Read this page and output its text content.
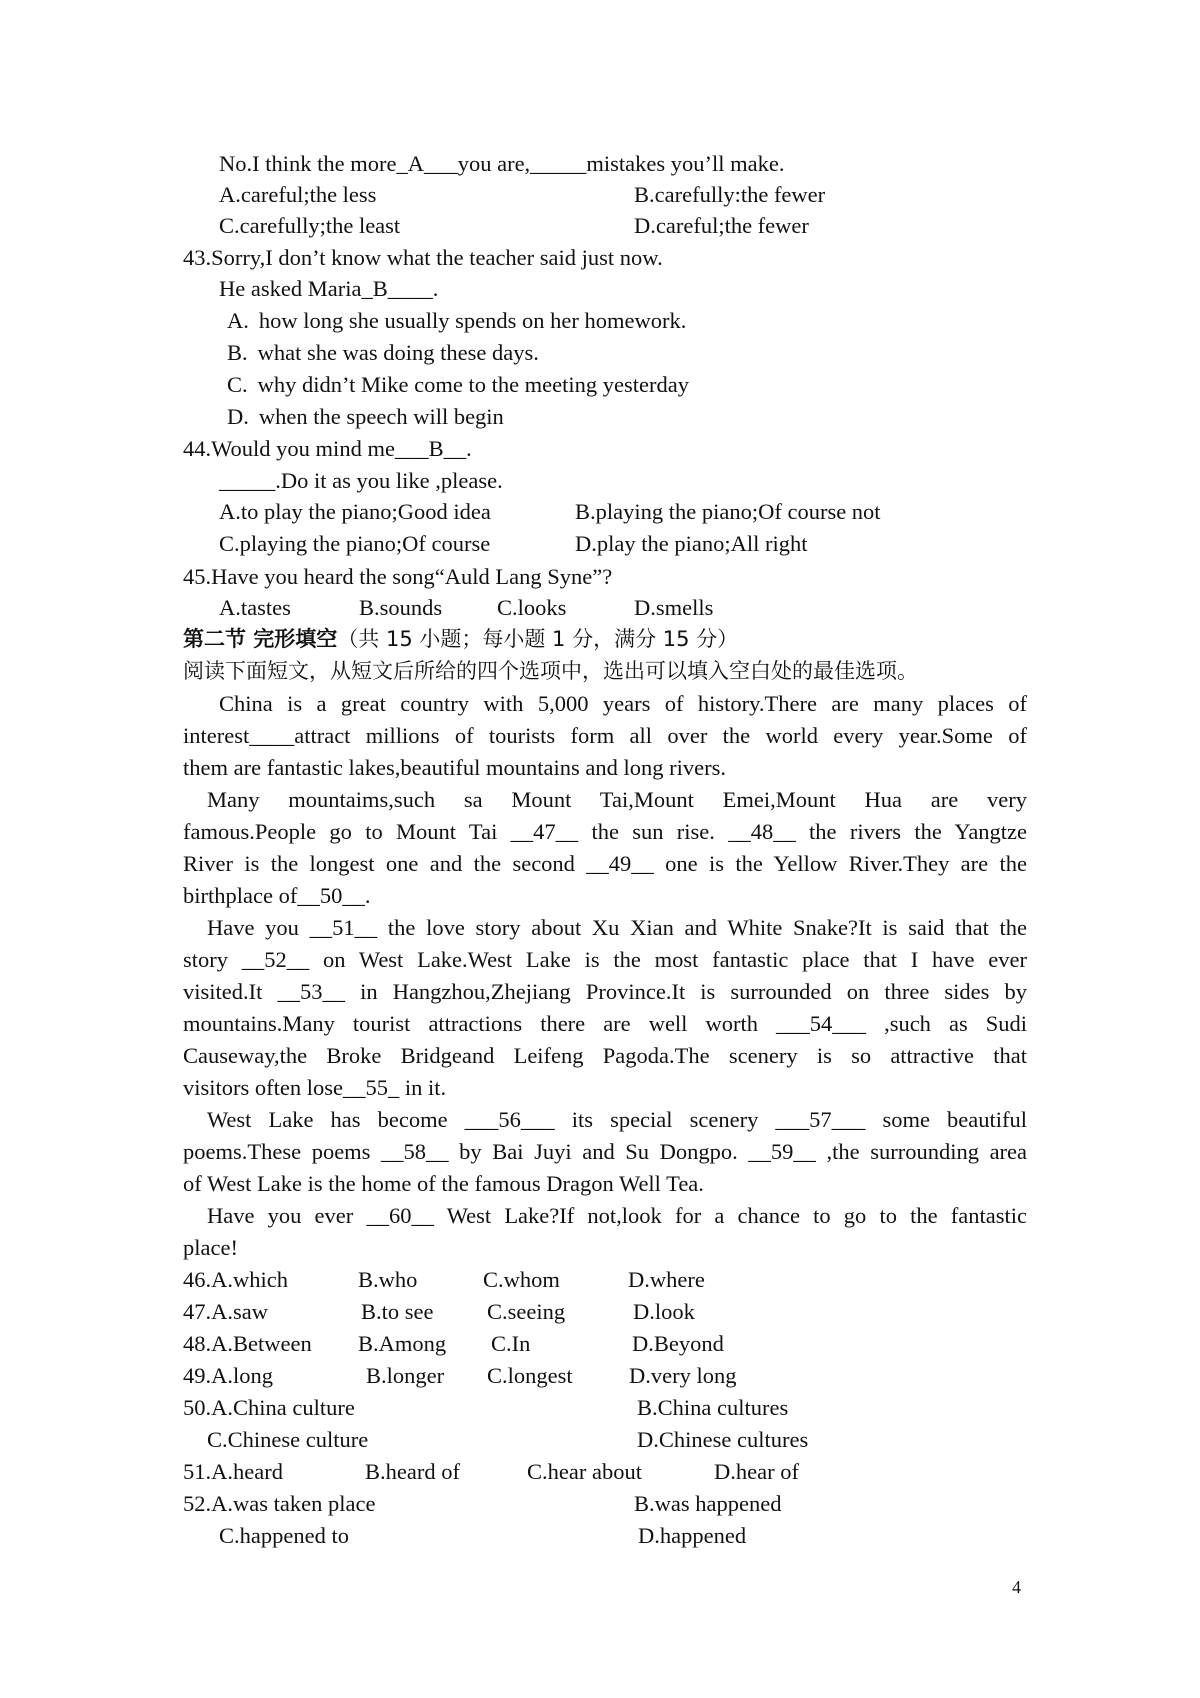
No.I think the more_A___you are,_____mistakes you’ll make.
A.careful;the less	B.carefully:the fewer
C.carefully;the least	D.careful;the fewer
43.Sorry,I don’t know what the teacher said just now.
He asked Maria_B____.
A. how long she usually spends on her homework.
B. what she was doing these days.
C. why didn’t Mike come to the meeting yesterday
D. when the speech will begin
44.Would you mind me___B__.
_____.Do it as you like ,please.
A.to play the piano;Good idea	B.playing the piano;Of course not
C.playing the piano;Of course	D.play the piano;All right
45.Have you heard the song“Auld Lang Syne”?
A.tastes	B.sounds C.looks	D.smells
第二节 完形填空（共 15 小题；每小题 1 分，满分 15 分）
阅读下面短文，从短文后所给的四个选项中，选出可以填入空白处的最佳选项。
China is a great country with 5,000 years of history.There are many places of
interest____attract millions of tourists form all over the world every year.Some of
them are fantastic lakes,beautiful mountains and long rivers.
Many mountaims,such sa Mount Tai,Mount Emei,Mount Hua are very
famous.People go to Mount Tai __47__ the sun rise. __48__ the rivers the Yangtze
River is the longest one and the second __49__ one is the Yellow River.They are the
birthplace of__50__.
Have you __51__ the love story about Xu Xian and White Snake?It is said that the
story __52__ on West Lake.West Lake is the most fantastic place that I have ever
visited.It __53__ in Hangzhou,Zhejiang Province.It is surrounded on three sides by
mountains.Many tourist attractions there are well worth ___54___ ,such as Sudi
Causeway,the Broke Bridgeand Leifeng Pagoda.The scenery is so attractive that
visitors often lose__55_ in it.
West Lake has become ___56___ its special scenery ___57___ some beautiful
poems.These poems __58__ by Bai Juyi and Su Dongpo. __59__ ,the surrounding area
of West Lake is the home of the famous Dragon Well Tea.
Have you ever __60__ West Lake?If not,look for a chance to go to the fantastic
place!
46.A.which	B.who	C.whom	D.where
47.A.saw	B.to see C.seeing	D.look
48.A.Between B.Among C.In	D.Beyond
49.A.long	B.longer C.longest	D.very long
50.A.China culture	B.China cultures
C.Chinese culture	D.Chinese cultures
51.A.heard	B.heard of	C.hear about	D.hear of
52.A.was taken place	B.was happened
C.happened to	D.happened
4
